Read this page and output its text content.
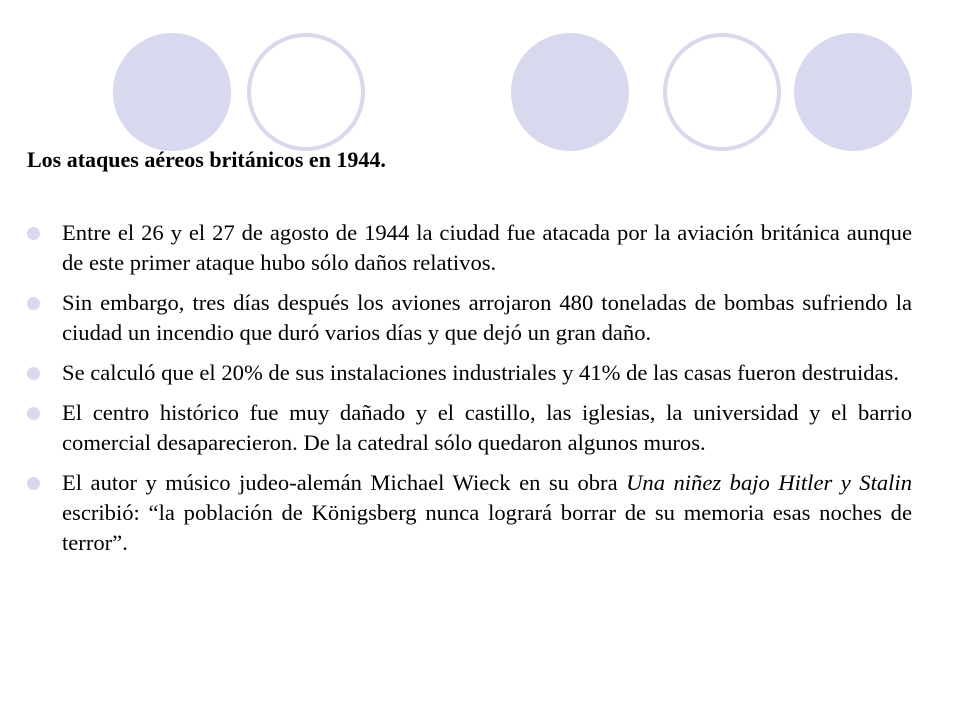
Los ataques aéreos británicos en 1944.
Entre el 26 y el 27 de agosto de 1944 la ciudad fue atacada por la aviación británica aunque de este primer ataque hubo sólo daños relativos.
Sin embargo, tres días después los aviones arrojaron 480 toneladas de bombas sufriendo la ciudad un incendio que duró varios días y que dejó un gran daño.
Se calculó que el 20% de sus instalaciones industriales y 41% de las casas fueron destruidas.
El centro histórico fue muy dañado y el castillo, las iglesias, la universidad y el barrio comercial desaparecieron. De la catedral sólo quedaron algunos muros.
El autor y músico judeo-alemán Michael Wieck en su obra Una niñez bajo Hitler y Stalin escribió: “la población de Königsberg nunca logrará borrar de su memoria esas noches de terror”.
